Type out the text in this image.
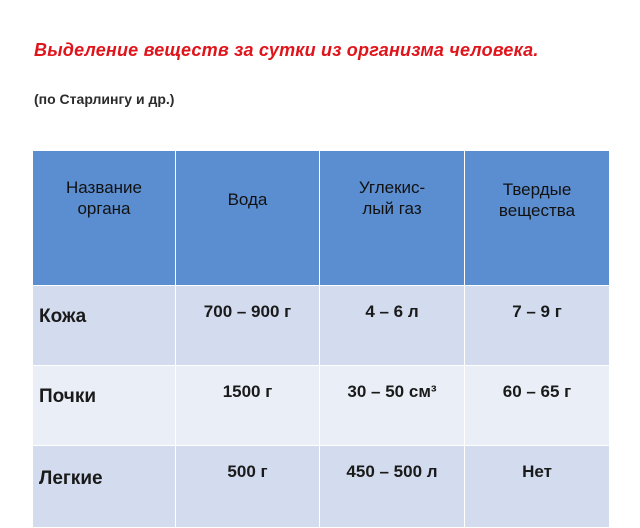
Выделение веществ за сутки из организма человека.
(по Старлингу и др.)
Название органа	Вода	Углекис-лый газ	Твердые вещества
Кожа	700 – 900 г	4 – 6 л	7 – 9 г
Почки	1500 г	30 – 50 см³	60 – 65 г
Легкие	500 г	450 – 500 л	Нет
